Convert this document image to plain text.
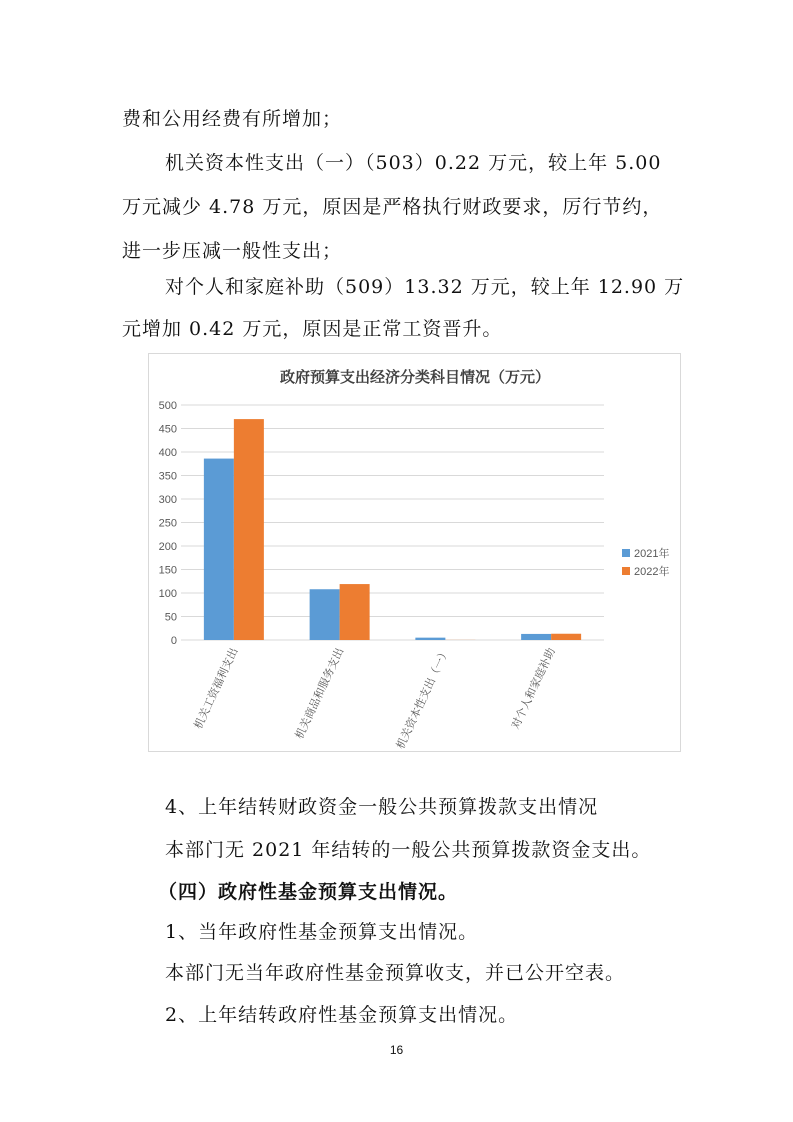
费和公用经费有所增加；
机关资本性支出（一）（503）0.22 万元，较上年 5.00
万元减少 4.78 万元，原因是严格执行财政要求，厉行节约，
进一步压减一般性支出；
对个人和家庭补助（509）13.32 万元，较上年 12.90 万
元增加 0.42 万元，原因是正常工资晋升。
政府预算支出经济分类科目情况（万元）
0
50
100
150
200
250
300
350
400
450
500
机关工资福利支出	机关商品和服务支出	机关资本性支出（一）	对个人和家庭补助
2021年
2022年
4、上年结转财政资金一般公共预算拨款支出情况
本部门无 2021 年结转的一般公共预算拨款资金支出。
（四）政府性基金预算支出情况。
1、当年政府性基金预算支出情况。
本部门无当年政府性基金预算收支，并已公开空表。
2、上年结转政府性基金预算支出情况。
16
